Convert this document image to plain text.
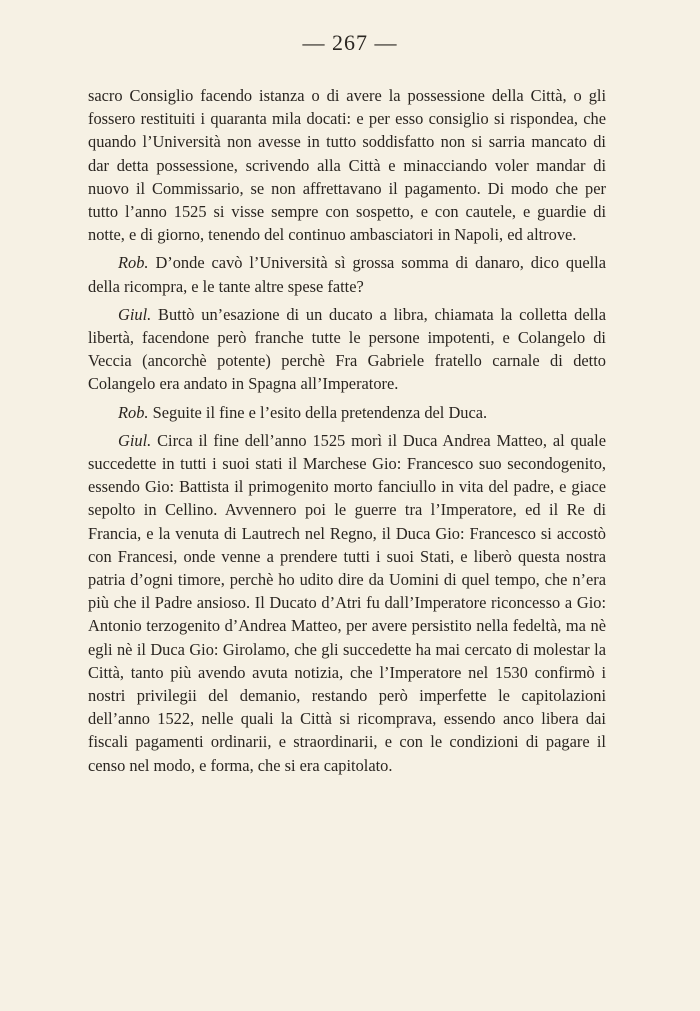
— 267 —

sacro Consiglio facendo istanza o di avere la possessione della Città, o gli fossero restituiti i quaranta mila docati: e per esso consiglio si rispondea, che quando l’Università non avesse in tutto soddisfatto non si sarria mancato di dar detta possessione, scrivendo alla Città e minacciando voler mandar di nuovo il Commissario, se non affrettavano il pagamento. Di modo che per tutto l’anno 1525 si visse sempre con sospetto, e con cautele, e guardie di notte, e di giorno, tenendo del continuo ambasciatori in Napoli, ed altrove.

Rob. D’onde cavò l’Università sì grossa somma di danaro, dico quella della ricompra, e le tante altre spese fatte?

Giul. Buttò un’esazione di un ducato a libra, chiamata la colletta della libertà, facendone però franche tutte le persone impotenti, e Colangelo di Veccia (ancorchè potente) perchè Fra Gabriele fratello carnale di detto Colangelo era andato in Spagna all’Imperatore.

Rob. Seguite il fine e l’esito della pretendenza del Duca.

Giul. Circa il fine dell’anno 1525 morì il Duca Andrea Matteo, al quale succedette in tutti i suoi stati il Marchese Gio: Francesco suo secondogenito, essendo Gio: Battista il primogenito morto fanciullo in vita del padre, e giace sepolto in Cellino. Avvennero poi le guerre tra l’Imperatore, ed il Re di Francia, e la venuta di Lautrech nel Regno, il Duca Gio: Francesco si accostò con Francesi, onde venne a prendere tutti i suoi Stati, e liberò questa nostra patria d’ogni timore, perchè ho udito dire da Uomini di quel tempo, che n’era più che il Padre ansioso. Il Ducato d’Atri fu dall’Imperatore riconcesso a Gio: Antonio terzogenito d’Andrea Matteo, per avere persistito nella fedeltà, ma nè egli nè il Duca Gio: Girolamo, che gli succedette ha mai cercato di molestar la Città, tanto più avendo avuta notizia, che l’Imperatore nel 1530 confirmò i nostri privilegii del demanio, restando però imperfette le capitolazioni dell’anno 1522, nelle quali la Città si ricomprava, essendo anco libera dai fiscali pagamenti ordinarii, e straordinarii, e con le condizioni di pagare il censo nel modo, e forma, che si era capitolato.
